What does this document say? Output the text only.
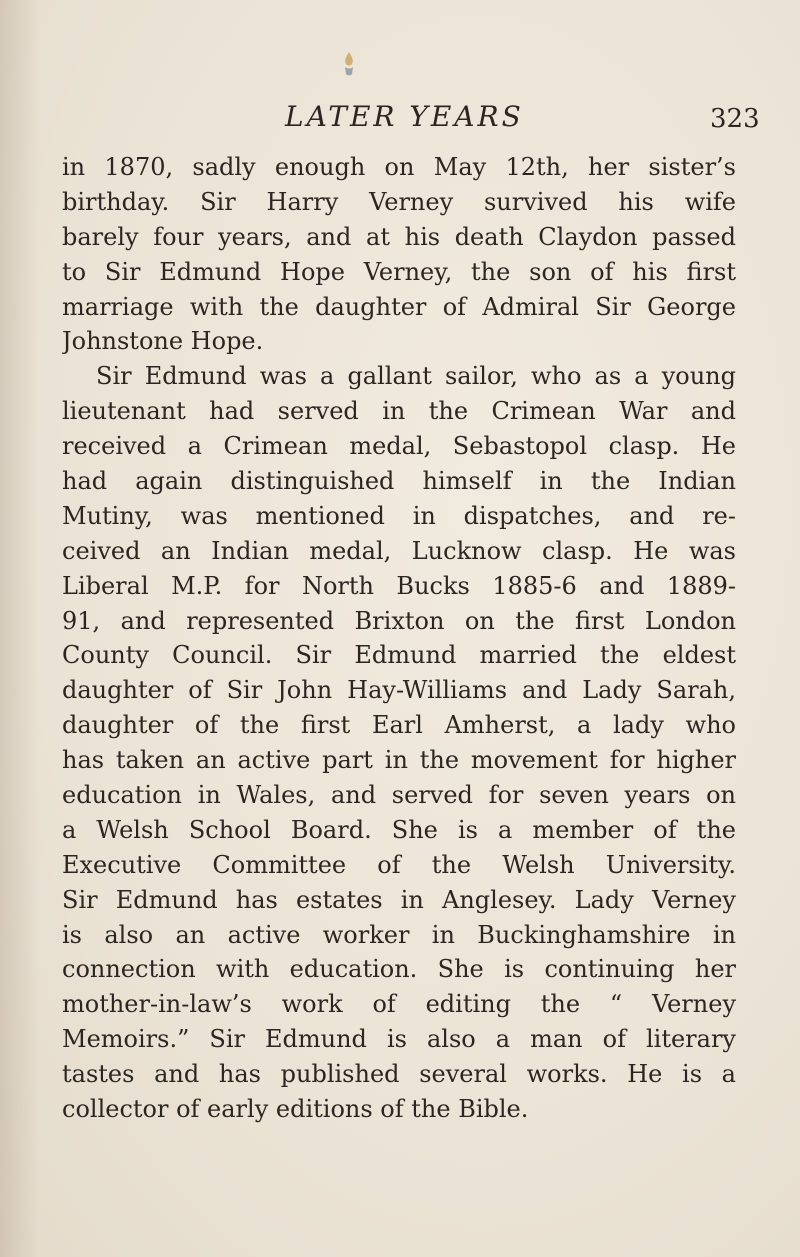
LATER YEARS	323
in 1870, sadly enough on May 12th, her sister’s
birthday. Sir Harry Verney survived his wife
barely four years, and at his death Claydon passed
to Sir Edmund Hope Verney, the son of his first
marriage with the daughter of Admiral Sir George
Johnstone Hope.
Sir Edmund was a gallant sailor, who as a young
lieutenant had served in the Crimean War and
received a Crimean medal, Sebastopol clasp. He
had again distinguished himself in the Indian
Mutiny, was mentioned in dispatches, and re-
ceived an Indian medal, Lucknow clasp. He was
Liberal M.P. for North Bucks 1885-6 and 1889-
91, and represented Brixton on the first London
County Council. Sir Edmund married the eldest
daughter of Sir John Hay-Williams and Lady Sarah,
daughter of the first Earl Amherst, a lady who
has taken an active part in the movement for higher
education in Wales, and served for seven years on
a Welsh School Board. She is a member of the
Executive Committee of the Welsh University.
Sir Edmund has estates in Anglesey. Lady Verney
is also an active worker in Buckinghamshire in
connection with education. She is continuing her
mother-in-law’s work of editing the “ Verney
Memoirs.” Sir Edmund is also a man of literary
tastes and has published several works. He is a
collector of early editions of the Bible.
